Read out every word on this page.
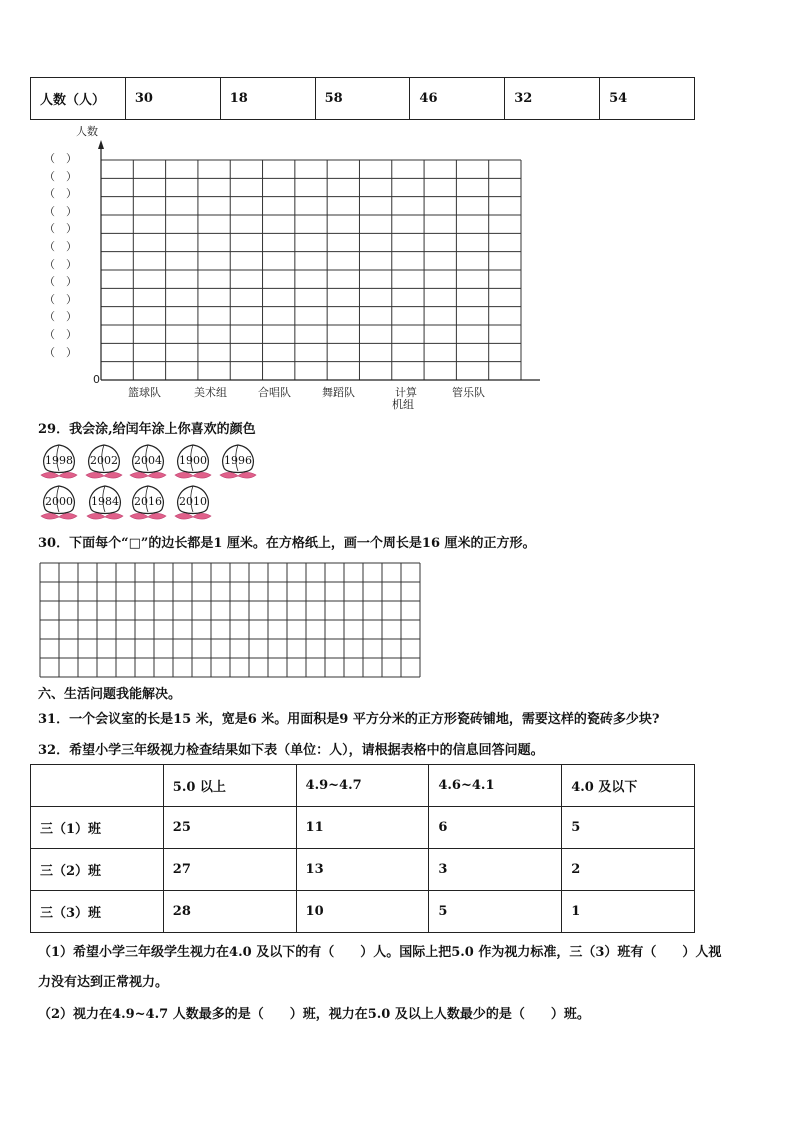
人数（人）	30	18	58	46	32	54
人数
（　）
（　）
（　）
（　）
（　）
（　）
（　）
（　）
（　）
（　）
（　）
（　）
0
篮球队	美术组	合唱队	舞蹈队	计算
机组
管乐队
29．我会涂,给闰年涂上你喜欢的颜色
1998	2002	2004	1900	1996
2000	1984	2016	2010
30．下面每个“□”的边长都是1 厘米。在方格纸上，画一个周长是16 厘米的正方形。
六、生活问题我能解决。
31．一个会议室的长是15 米，宽是6 米。用面积是9 平方分米的正方形瓷砖铺地，需要这样的瓷砖多少块?
32．希望小学三年级视力检查结果如下表（单位：人），请根据表格中的信息回答问题。
	5.0 以上	4.9~4.7	4.6~4.1	4.0 及以下
三（1）班	25	11	6	5
三（2）班	27	13	3	2
三（3）班	28	10	5	1
（1）希望小学三年级学生视力在4.0 及以下的有（　　）人。国际上把5.0 作为视力标准，三（3）班有（　　）人视
力没有达到正常视力。
（2）视力在4.9~4.7 人数最多的是（　　）班，视力在5.0 及以上人数最少的是（　　）班。
